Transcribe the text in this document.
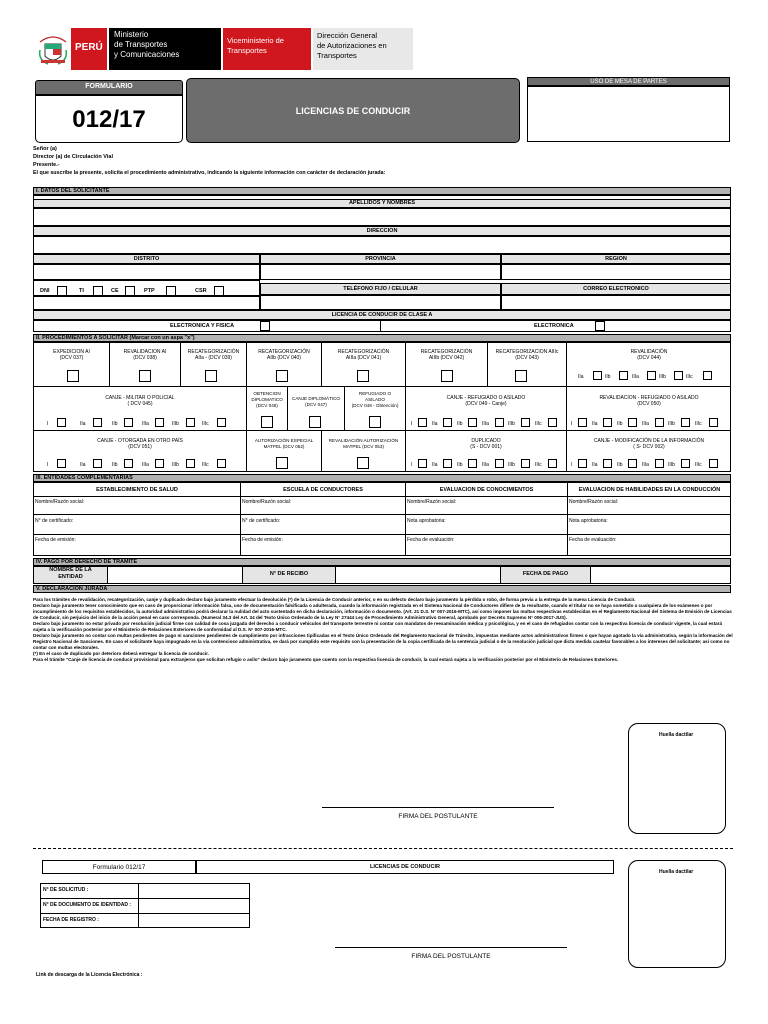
PERÚ
Ministerio
de Transportes
y Comunicaciones
Viceministerio de
Transportes
Dirección General
de Autorizaciones en
Transportes
FORMULARIO
012/17	LICENCIAS DE CONDUCIR
USO DE MESA DE PARTES
Señor (a)
Director (a) de Circulación Vial
Presente.-
El que suscribe la presente, solicita el procedimiento administrativo, indicando la siguiente información con carácter de declaración jurada:
I. DATOS DEL SOLICITANTE
APELLIDOS Y NOMBRES
DIRECCION
DISTRITO	PROVINCIA	REGION
DNI	TI	CE	PTP	CSR	TELÉFONO FIJO / CELULAR	CORREO ELECTRONICO
LICENCIA DE CONDUCIR DE CLASE A
ELECTRONICA Y FISICA	ELECTRONICA
II. PROCEDIMIENTOS A SOLICITAR (Marcar con un aspa "x")
EXPEDICION AI
(DCV 037)
REVALIDACION AI
(DCV 038)
RECATEGORIZACIÓN
AIIa - (DCV 039)
RECATEGORIZACIÓN
AIIb (DCV 040)
RECATEGORIZACIÓN
AIIIa (DCV 041)
RECATEGORIZACIÓN
AIIIb (DCV 042)
RECATEGORIZACION AIIIc
(DCV 043)
REVALIDACIÓN
(DCV 044)
IIa	IIb	IIIa	IIIb	IIIc
CANJE - MILITAR O POLICIAL
( DCV 045)
I	IIa	IIb	IIIa	IIIb	IIIc
OBTENCION
DIPLOMATICO
(DCV 046)
CANJE DIPLOMÁTICO
(DCV 047)
REFUGIADO O
ASILADO
(DCV 048 - Obtención)
CANJE - REFUGIADO O ASILADO
(DCV 049 - Canje)
I	IIa	IIb	IIIa	IIIb	IIIc
REVALIDACION - REFUGIADO O ASILADO
(DCV 050)
I	IIa	IIb	IIIa	IIIb	IIIc
CANJE - OTORGADA EN OTRO PAÍS
(DCV 051)
I	IIa	IIb	IIIa	IIIb	IIIc
AUTORIZACIÓN ESPECIAL
MATPEL (DCV 052)
REVALIDACIÓN AUTORIZACIÓN
MATPEL (DCV 053)
DUPLICADO
(S - DCV 001)
I	IIa	IIb	IIIa	IIIb	IIIc
CANJE - MODIFICACIÓN DE LA INFORMACIÓN
( S- DCV 002)
I	IIa	IIb	IIIa	IIIb	IIIc
III. ENTIDADES COMPLEMENTARIAS
ESTABLECIMIENTO DE SALUD	ESCUELA DE CONDUCTORES	EVALUACION DE CONOCIMIENTOS	EVALUACION DE HABILIDADES EN LA CONDUCCIÓN
Nombre/Razón social:	Nombre/Razón social:	Nombre/Razón social:	Nombre/Razón social:
N° de certificado:	N° de certificado:	Nota aprobatoria:	Nota aprobatoria:
Fecha de emisión:	Fecha de emisión:	Fecha de evaluación:	Fecha de evaluación:
IV. PAGO POR DERECHO DE TRAMITE
NOMBRE DE LA
ENTIDAD	N° DE RECIBO	FECHA DE PAGO
V. DECLARACION JURADA

Para los trámites de revalidación, recategorización, canje y duplicado declaro bajo juramento efectuar la devolución (*) de la Licencia de Conducir anterior, o en su defecto declaro bajo juramento la pérdida o robo, de forma previa a la entrega de la nueva Licencia de Conducir.

Declaro bajo juramento tener conocimiento que en caso de proporcionar información falsa, uso de documentación falsificada o adulterada, cuando la información registrada en el Sistema Nacional de Conductores difiere de la resultante, cuando el titular no se haya sometido a cualquiera de los exámenes o por incumplimiento de los requisitos establecidos, la autoridad administrativa podrá declarar la nulidad del acto sustentado en dicha declaración, información o documento. (Art. 21 D.S. N° 007-2016-MTC), así como imponer las multas respectivas establecidas en el Reglamento Nacional del Sistema de Emisión de Licencias de Conducir, sin perjuicio del inicio de la acción penal en caso corresponda. (Numeral 34.3 del Art. 34 del Texto Único Ordenado de la Ley N° 27444 Ley de Procedimiento Administrativo General, aprobado por Decreto Supremo N° 006-2017-JUS).

Declaro bajo juramento no estar privado por resolución judicial firme con calidad de cosa juzgada del derecho a conducir vehículos del transporte terrestre ni contar con mandatos de reexaminación médica y psicológica, y en el caso de refugiados contar con la respectiva licencia de conducir vigente, la cual estará sujeta a la verificación posterior por el Ministerio de Relaciones Exteriores de conformidad al D.S. N° 007-2016-MTC.

Declaro bajo juramento no contar con multas pendientes de pago ni sanciones pendientes de cumplimiento por infracciones tipificadas en el Texto Único Ordenado del Reglamento Nacional de Tránsito, impuestas mediante actos administrativos firmes o que hayan agotado la vía administrativa, según la información del Registro Nacional de Sanciones. En caso el solicitante haya impugnado en la vía contencioso administrativa, se dará por cumplido este requisito con la presentación de la copia certificada de la sentencia judicial o de la resolución judicial que dicta medida cautelar favorables a los intereses del solicitante; así como no contar con multas electorales.

(*) En el caso de duplicado por deterioro deberá entregar la licencia de conducir.

Para el trámite "Canje de licencia de conducir provisional para extranjeros que solicitan refugio o asilo" declaro bajo juramento que cuento con la respectiva licencia de conducir, la cual estará sujeta a la verificación posterior por el Ministerio de Relaciones Exteriores.

Huella dactilar
FIRMA DEL POSTULANTE
Formulario 012/17	LICENCIAS DE CONDUCIR
N° DE SOLICITUD :
N° DE DOCUMENTO DE IDENTIDAD :
FECHA DE REGISTRO :
Huella dactilar
FIRMA DEL POSTULANTE
Link de descarga de la Licencia Electrónica :
